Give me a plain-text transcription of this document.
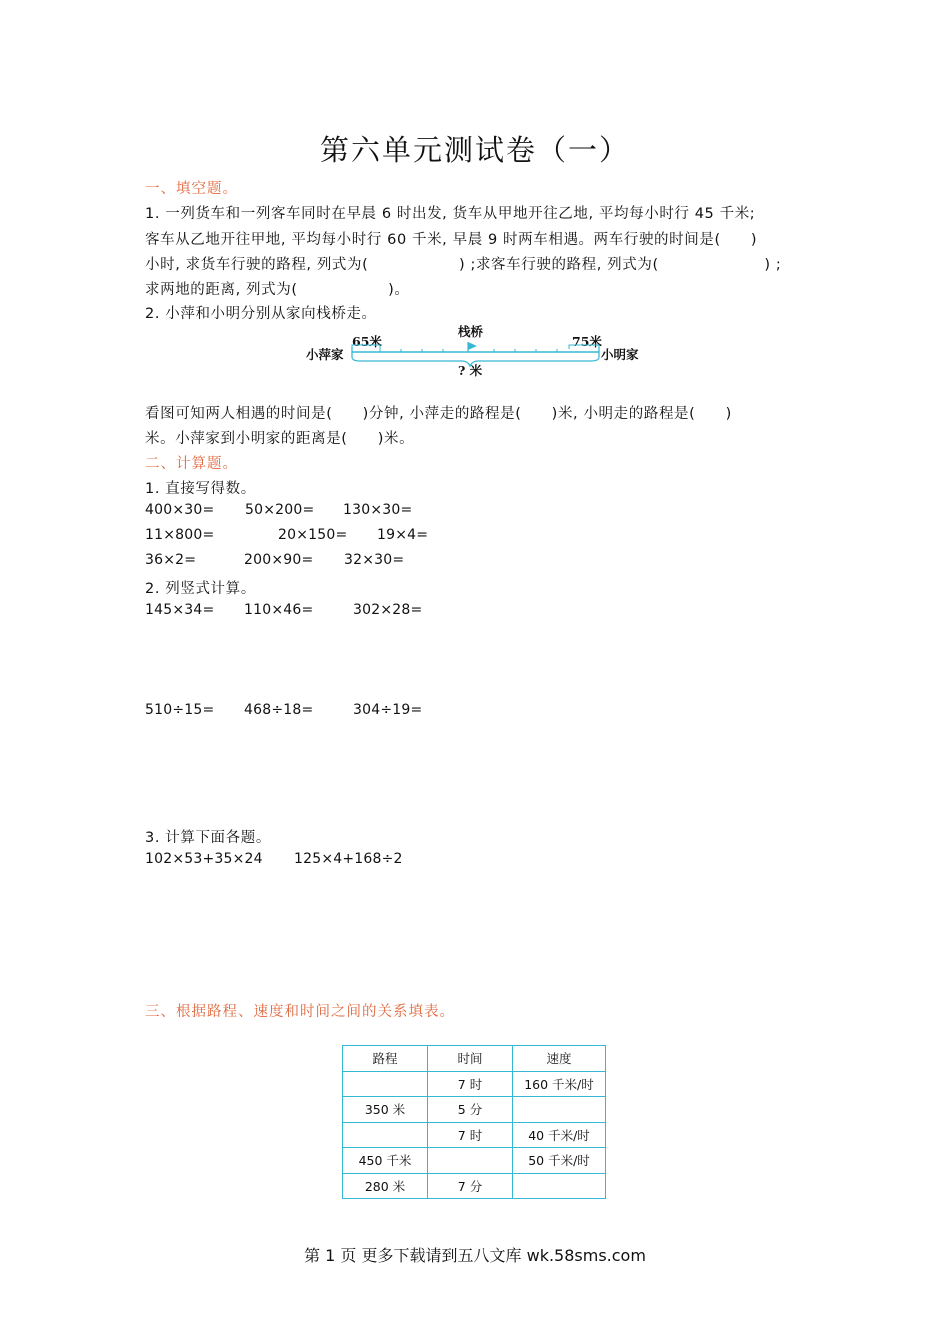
第六单元测试卷（一）
一、填空题。
1. 一列货车和一列客车同时在早晨 6 时出发, 货车从甲地开往乙地, 平均每小时行 45 千米;
客车从乙地开往甲地, 平均每小时行 60 千米, 早晨 9 时两车相遇。两车行驶的时间是(　　)
小时, 求货车行驶的路程, 列式为(　　　　　　) ;求客车行驶的路程, 列式为(　　　　　　　) ;
求两地的距离, 列式为(　　　　　　)。
2. 小萍和小明分别从家向栈桥走。
小萍家	小明家
栈桥
65米	75米
? 米
看图可知两人相遇的时间是(　　)分钟, 小萍走的路程是(　　)米, 小明走的路程是(　　)
米。小萍家到小明家的距离是(　　)米。
二、计算题。
1. 直接写得数。
400×30= 50×200= 130×30=
11×800=	20×150= 19×4=
36×2=	200×90= 32×30=
2. 列竖式计算。
145×34= 110×46=	302×28=
510÷15= 468÷18=	304÷19=
3. 计算下面各题。
102×53+35×24 125×4+168÷2
三、根据路程、速度和时间之间的关系填表。
路程	时间	速度
	7 时	160 千米/时
350 米	5 分	
	7 时	40 千米/时
450 千米		50 千米/时
280 米	7 分	
第 1 页 更多下载请到五八文库 wk.58sms.com
